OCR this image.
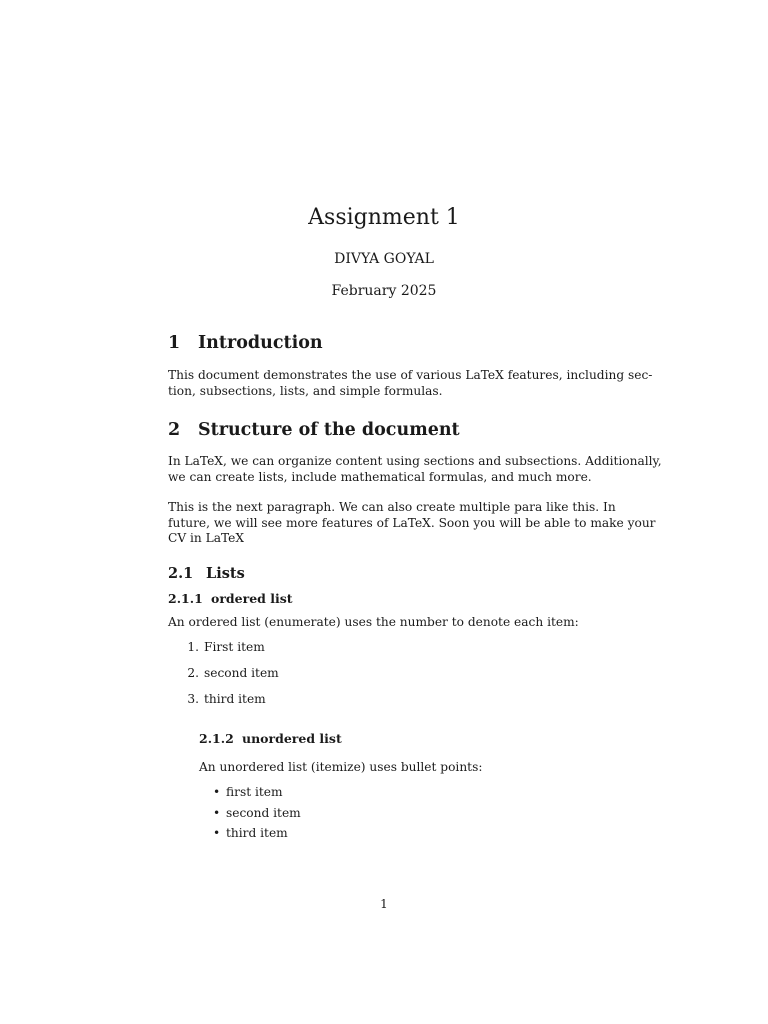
Assignment 1
DIVYA GOYAL
February 2025
1 Introduction
This document demonstrates the use of various LaTeX features, including sec-
tion, subsections, lists, and simple formulas.
2 Structure of the document
In LaTeX, we can organize content using sections and subsections. Additionally,
we can create lists, include mathematical formulas, and much more.
This is the next paragraph. We can also create multiple para like this. In
future, we will see more features of LaTeX. Soon you will be able to make your
CV in LaTeX
2.1 Lists
2.1.1 ordered list
An ordered list (enumerate) uses the number to denote each item:
1. First item
2. second item
3. third item
2.1.2 unordered list
An unordered list (itemize) uses bullet points:
• first item
• second item
• third item
1
